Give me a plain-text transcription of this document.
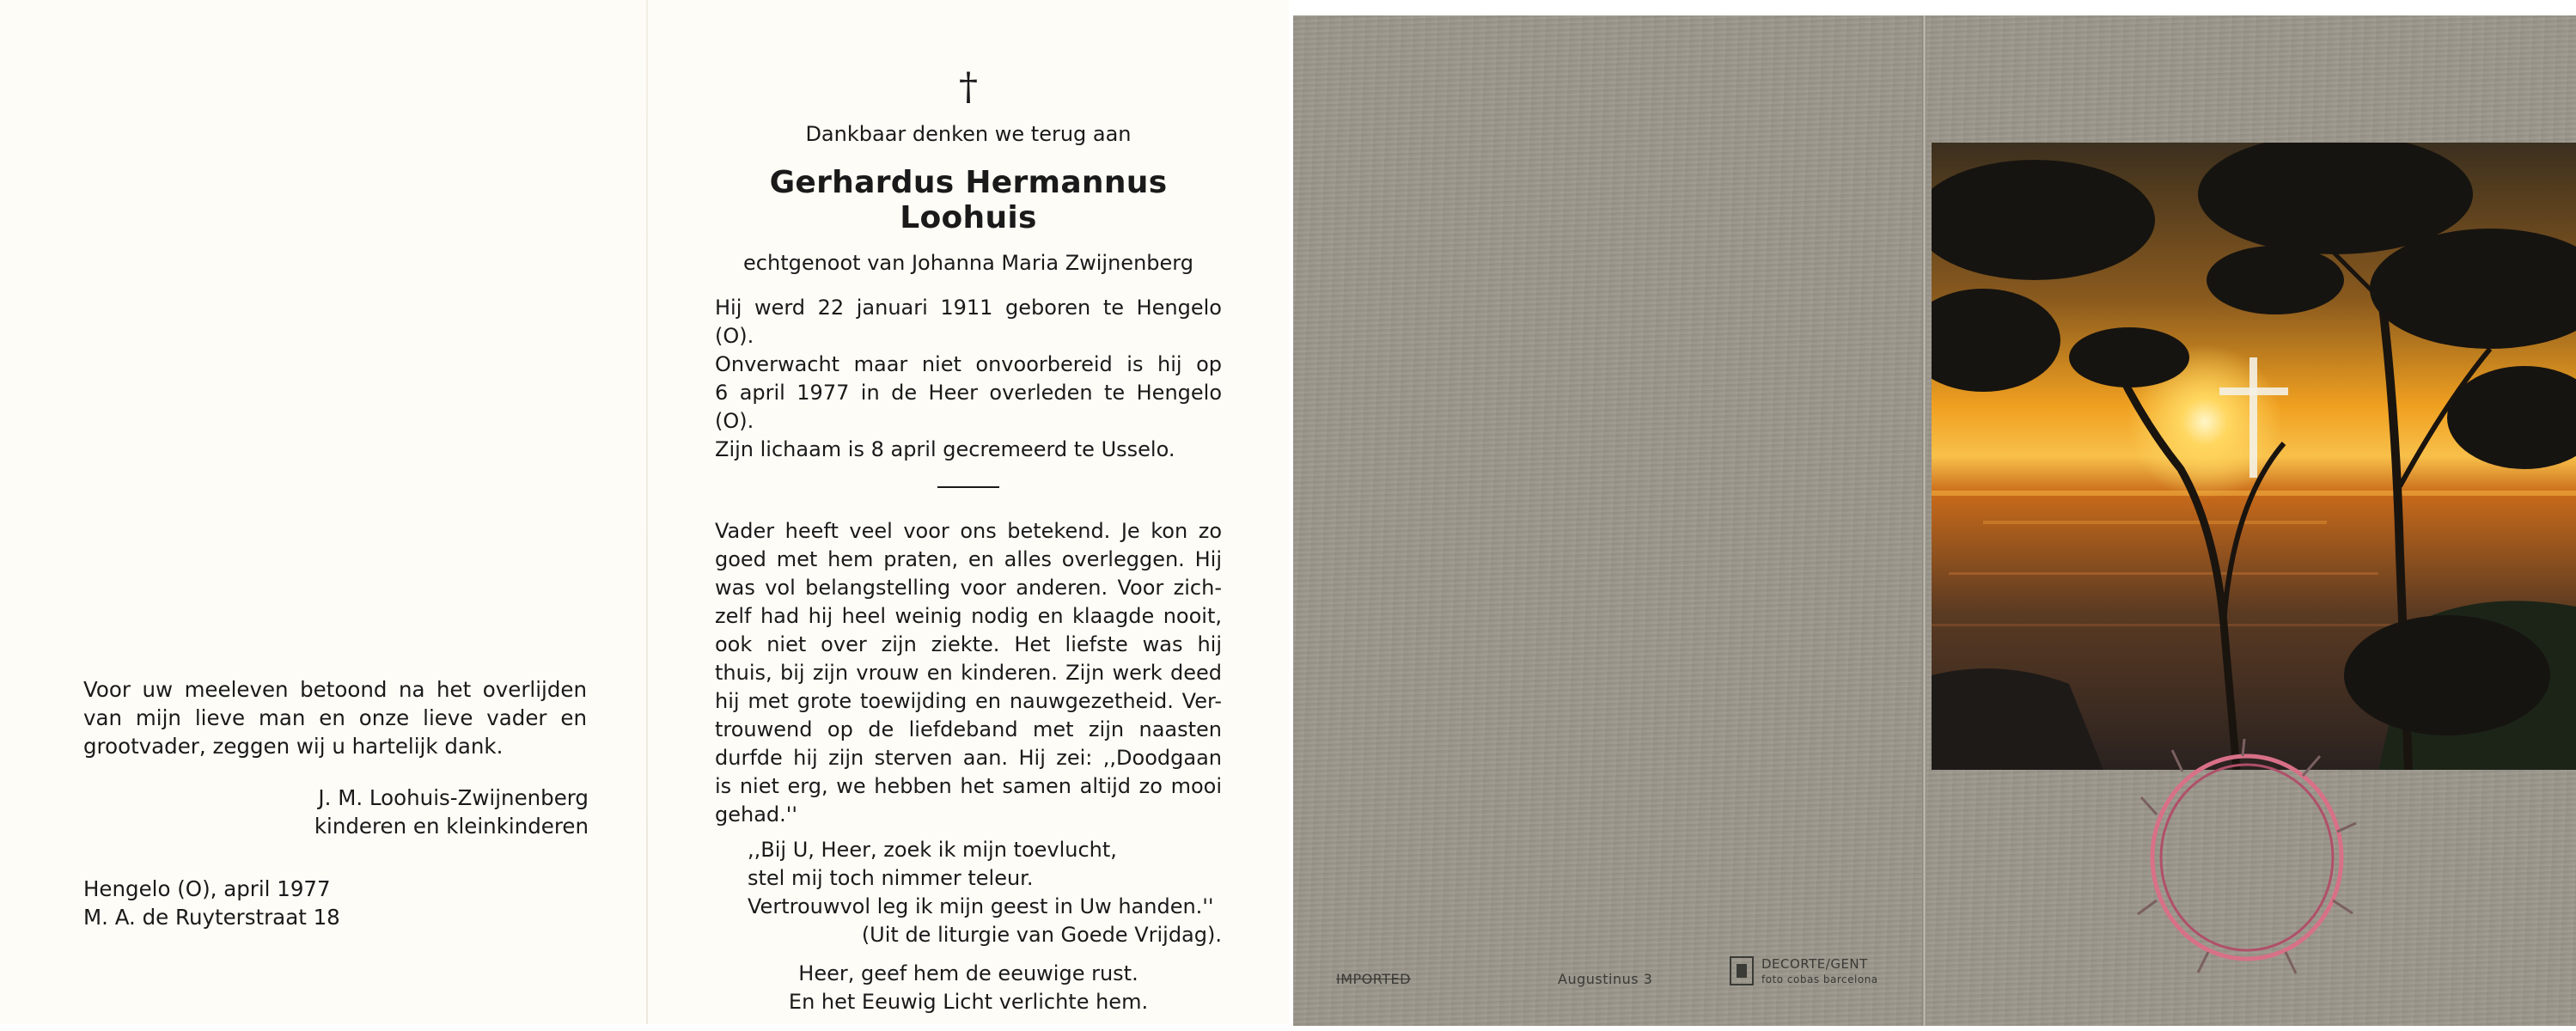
Voor uw meeleven betoond na het overlijden van mijn lieve man en onze lieve vader en grootvader, zeggen wij u hartelijk dank.
J. M. Loohuis-Zwijnenberg
kinderen en kleinkinderen
Hengelo (O), april 1977
M. A. de Ruyterstraat 18
†
Dankbaar denken we terug aan
Gerhardus Hermannus Loohuis
echtgenoot van Johanna Maria Zwijnenberg
Hij werd 22 januari 1911 geboren te Hengelo (O).
Onverwacht maar niet onvoorbereid is hij op
6 april 1977 in de Heer overleden te Hengelo (O).
Zijn lichaam is 8 april gecremeerd te Usselo.
Vader heeft veel voor ons betekend. Je kon zo
goed met hem praten, en alles overleggen. Hij
was vol belangstelling voor anderen. Voor zich-
zelf had hij heel weinig nodig en klaagde nooit,
ook niet over zijn ziekte. Het liefste was hij
thuis, bij zijn vrouw en kinderen. Zijn werk deed
hij met grote toewijding en nauwgezetheid. Ver-
trouwend op de liefdeband met zijn naasten
durfde hij zijn sterven aan. Hij zei: ,,Doodgaan
is niet erg, we hebben het samen altijd zo mooi
gehad.''
,,Bij U, Heer, zoek ik mijn toevlucht,
stel mij toch nimmer teleur.
Vertrouwvol leg ik mijn geest in Uw handen.''
(Uit de liturgie van Goede Vrijdag).
Heer, geef hem de eeuwige rust.
En het Eeuwig Licht verlichte hem.
IMPORTED	Augustinus 3
DECORTE/GENT
foto cobas barcelona
